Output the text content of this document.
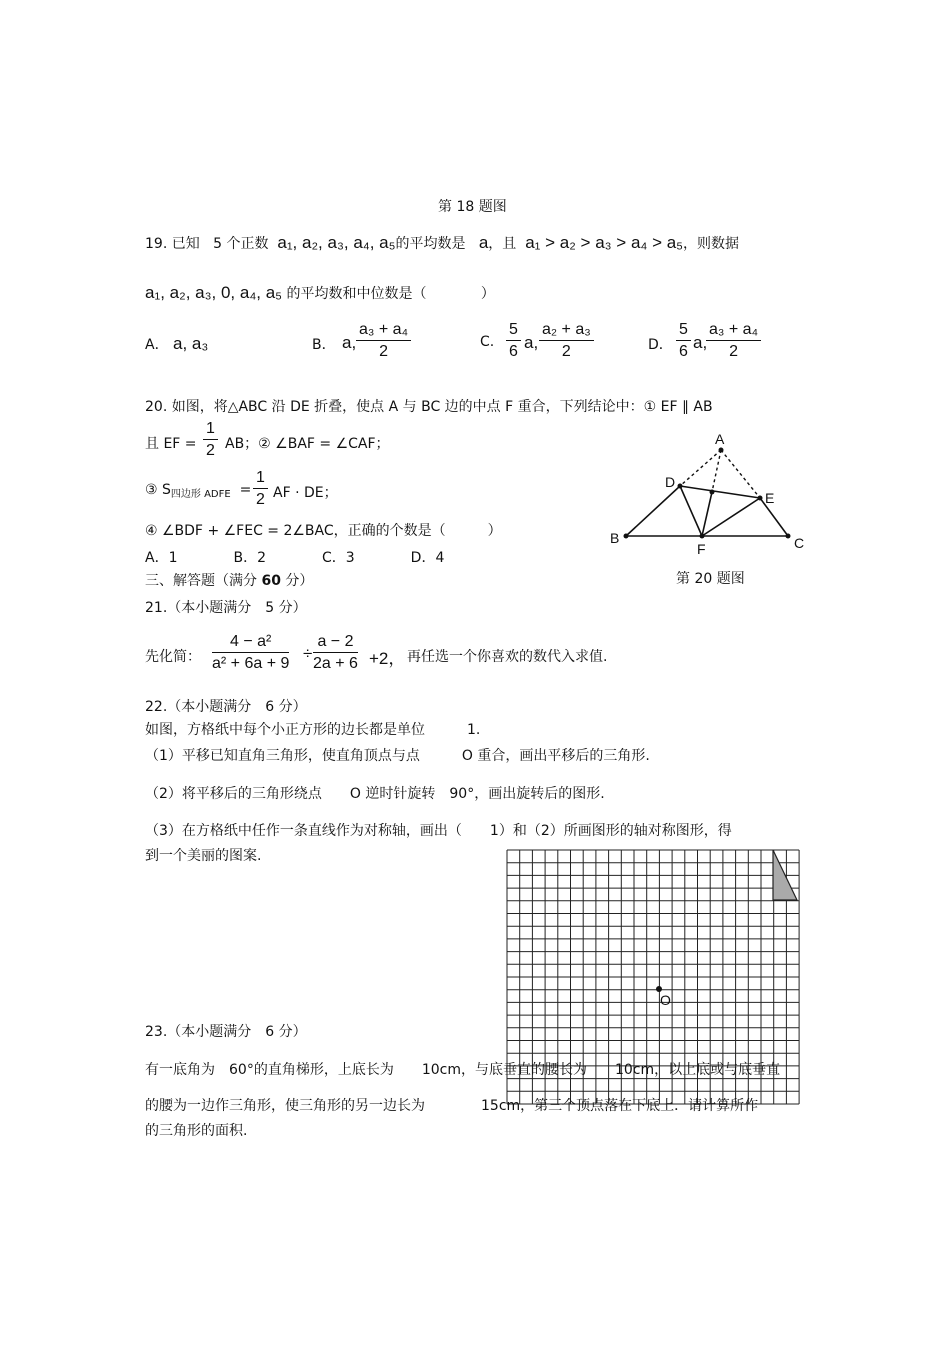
第 18 题图
19. 已知 5 个正数 a₁, a₂, a₃, a₄, a₅的平均数是 a，且 a₁ > a₂ > a₃ > a₄ > a₅，则数据
a₁, a₂, a₃, 0, a₄, a₅ 的平均数和中位数是（	）
A． a, a₃	B． a, $\frac{\text{a₃ + a₄}}{2}$	C. $\frac{5}{6} a$, $\frac{\text{a₂ + a₃}}{2}$	D． $\frac{5}{6} a$,
$\frac{\text{a₃ + a₄}}{2}$
20. 如图，将△ABC 沿 DE 折叠，使点 A 与 BC 边的中点 F 重合，下列结论中：① EF ∥ AB
且 EF = $\frac{1}{2}$ AB；② ∠BAF = ∠CAF；
③ $S_{四边形 ADFE} = \frac{1}{2}$ AF · DE；
④ ∠BDF + ∠FEC = 2∠BAC，正确的个数是（　　　）
A．1　　　　B．2　　　　C．3　　　　D．4
A
D
E
B
F	C
第 20 题图
三、解答题（满分 60 分）
21.（本小题满分　5 分）
先化简： $\frac{\text{4 − a²}}{\text{a² + 6a + 9}} \div \frac{a - 2}{2a + 6} +2$， 再任选一个你喜欢的数代入求值.
22.（本小题满分　6 分）
如图，方格纸中每个小正方形的边长都是单位　　　1.
（1）平移已知直角三角形，使直角顶点与点　　　O 重合，画出平移后的三角形.
（2）将平移后的三角形绕点　　O 逆时针旋转　90°，画出旋转后的图形.
（3）在方格纸中任作一条直线作为对称轴，画出（　　1）和（2）所画图形的轴对称图形，得
到一个美丽的图案.
O
23.（本小题满分　6 分）
有一底角为　60°的直角梯形，上底长为　　10cm，与底垂直的腰长为　　10cm，以上底或与底垂直
的腰为一边作三角形，使三角形的另一边长为　　　　15cm，第三个顶点落在下底上．请计算所作
的三角形的面积.
